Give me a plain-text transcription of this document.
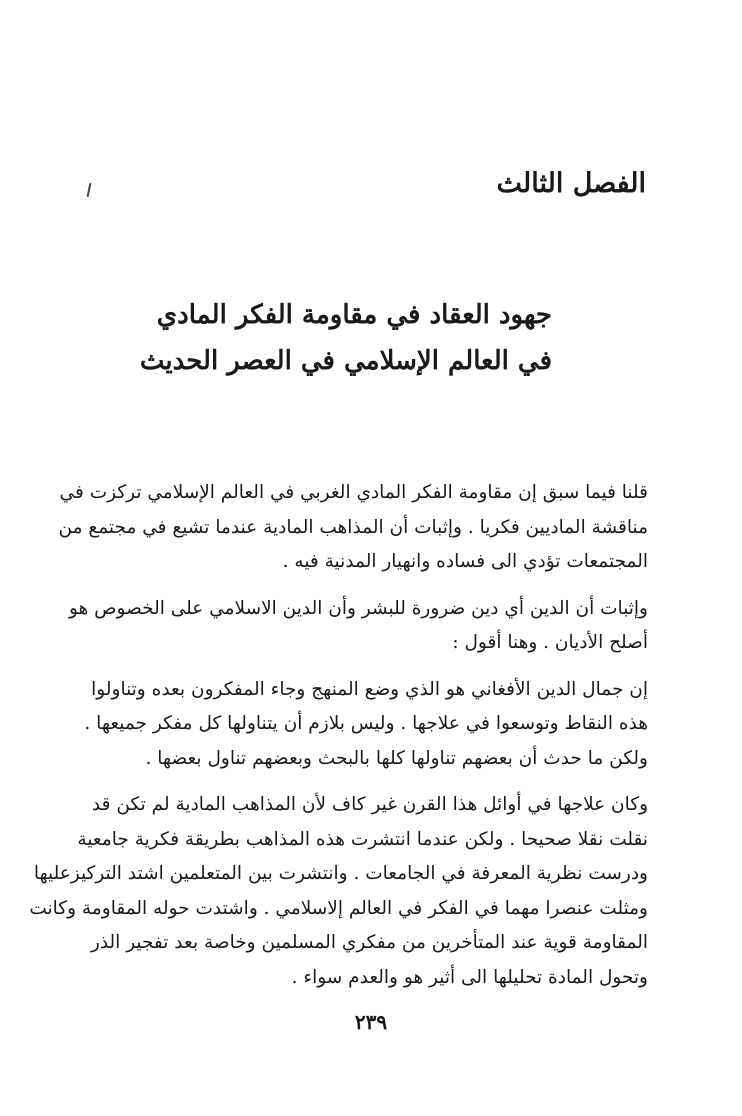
الفصل الثالث
جهود العقاد في مقاومة الفكر المادي
في العالم الإسلامي في العصر الحديث

قلنا فيما سبق إن مقاومة الفكر المادي الغربي في العالم الإسلامي تركزت في
مناقشة الماديين فكريا . وإثبات أن المذاهب المادية عندما تشيع في مجتمع من
المجتمعات تؤدي الى فساده وانهيار المدنية فيه .

وإثبات أن الدين أي دين ضرورة للبشر وأن الدين الاسلامي على الخصوص هو
أصلح الأديان . وهنا أقول :

إن جمال الدين الأفغاني هو الذي وضع المنهج وجاء المفكرون بعده وتناولوا
هذه النقاط وتوسعوا في علاجها . وليس بلازم أن يتناولها كل مفكر جميعها .
ولكن ما حدث أن بعضهم تناولها كلها بالبحث وبعضهم تناول بعضها .

وكان علاجها في أوائل هذا القرن غير كاف لأن المذاهب المادية لم تكن قد
نقلت نقلا صحيحا . ولكن عندما انتشرت هذه المذاهب بطريقة فكرية جامعية
ودرست نظرية المعرفة في الجامعات . وانتشرت بين المتعلمين اشتد التركيزعليها
ومثلت عنصرا مهما في الفكر في العالم إلاسلامي . واشتدت حوله المقاومة وكانت
المقاومة قوية عند المتأخرين من مفكري المسلمين وخاصة بعد تفجير الذر
وتحول المادة تحليلها الى أثير هو والعدم سواء .

٢٣٩
